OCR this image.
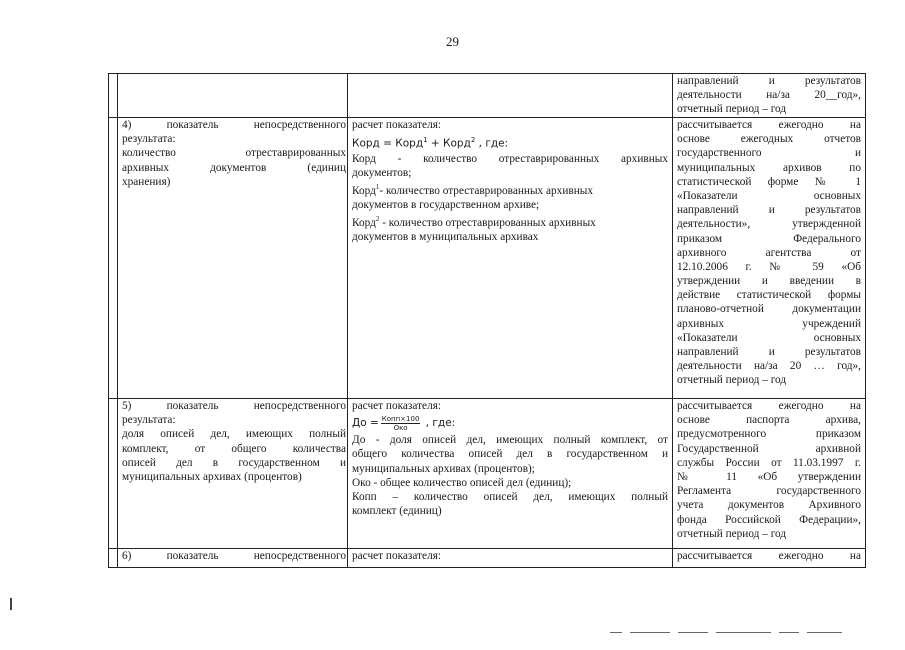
29
направлений и результатов
деятельности на/за 20__год»,
отчетный период – год
4) показатель непосредственного
результата:
количество отреставрированных
архивных документов (единиц
хранения)
расчет показателя:
Корд = Корд$^1$ + Корд$^2$ , где:
Корд - количество отреставрированных архивных
документов;
Корд$^1$- количество отреставрированных архивных
документов в государственном архиве;
Корд$^2$ - количество отреставрированных архивных
документов в муниципальных архивах
рассчитывается ежегодно на
основе ежегодных отчетов
государственного и
муниципальных архивов по
статистической форме № 1
«Показатели основных
направлений и результатов
деятельности», утвержденной
приказом Федерального
архивного агентства от
12.10.2006 г. № 59 «Об
утверждении и введении в
действие статистической формы
планово-отчетной документации
архивных учреждений
«Показатели основных
направлений и результатов
деятельности на/за 20 … год»,
отчетный период – год
5) показатель непосредственного
результата:
доля описей дел, имеющих полный
комплект, от общего количества
описей дел в государственном и
муниципальных архивах (процентов)
расчет показателя:
До = $\frac{\text{Копп×100}}{\text{Око}}$ , где:
До - доля описей дел, имеющих полный комплект, от
общего количества описей дел в государственном и
муниципальных архивах (процентов);
Око - общее количество описей дел (единиц);
Копп – количество описей дел, имеющих полный
комплект (единиц)
рассчитывается ежегодно на
основе паспорта архива,
предусмотренного приказом
Государственной архивной
службы России от 11.03.1997 г.
№ 11 «Об утверждении
Регламента государственного
учета документов Архивного
фонда Российской Федерации»,
отчетный период – год
6) показатель непосредственного расчет показателя:	рассчитывается ежегодно на
